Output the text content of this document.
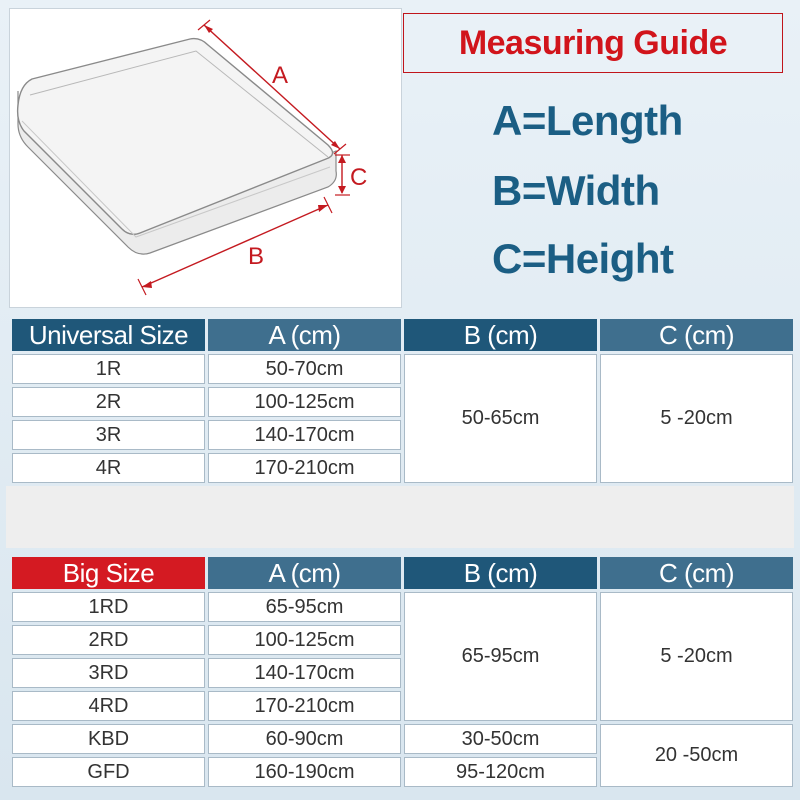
A
C
B
Measuring Guide
A=Length
B=Width
C=Height
Universal Size	A (cm)	B (cm)	C (cm)
1R	50-70cm	50-65cm	5 -20cm
2R	100-125cm		
3R	140-170cm		
4R	170-210cm		
Big Size	A (cm)	B (cm)	C (cm)
1RD	65-95cm	65-95cm	5 -20cm
2RD	100-125cm		
3RD	140-170cm		
4RD	170-210cm		
KBD	60-90cm	30-50cm	20 -50cm
GFD	160-190cm	95-120cm	
